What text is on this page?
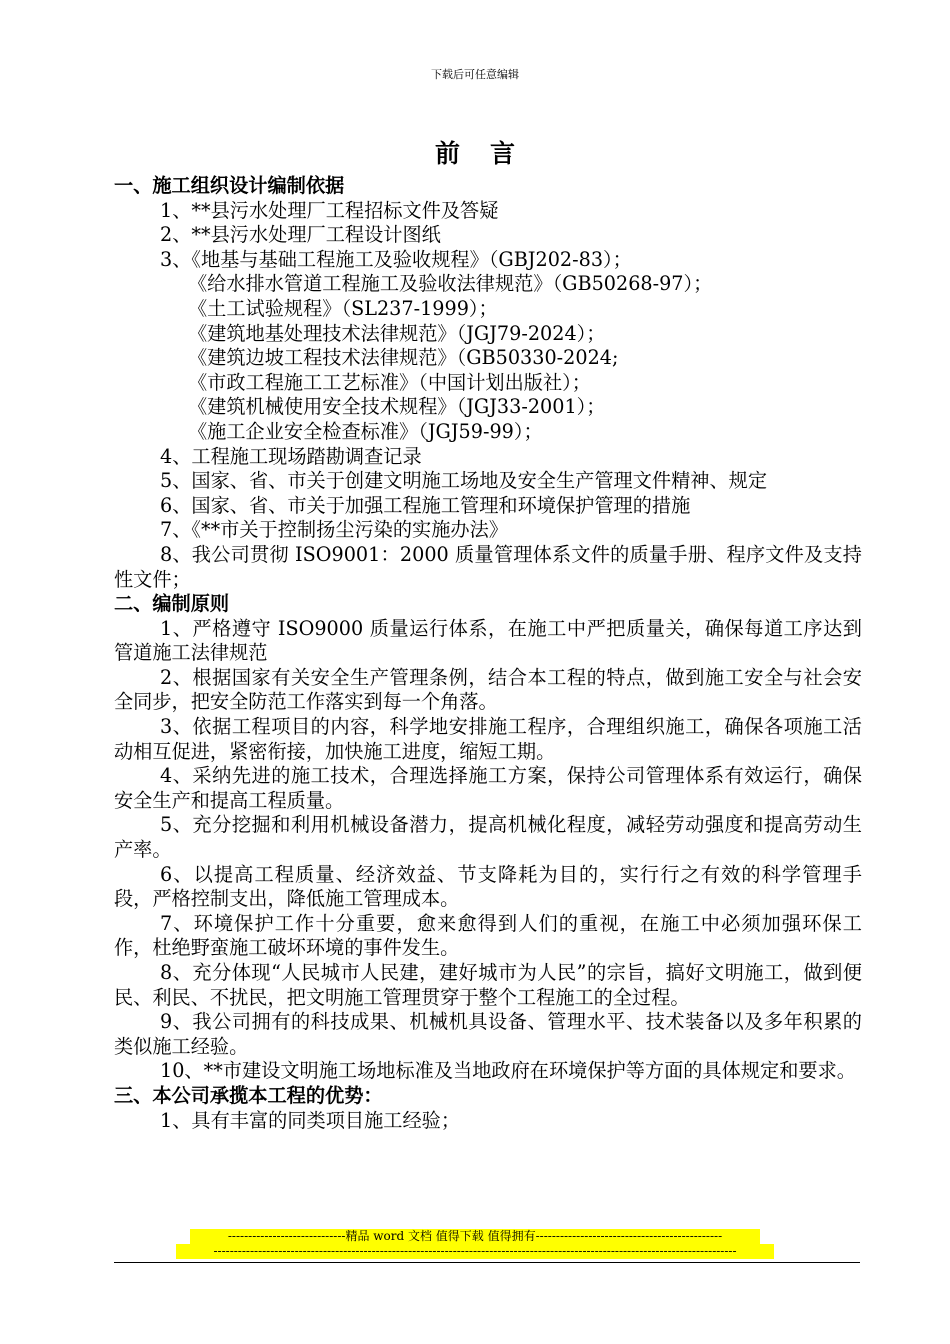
下载后可任意编辑
前言

一、施工组织设计编制依据

1、**县污水处理厂工程招标文件及答疑

2、**县污水处理厂工程设计图纸

3、《地基与基础工程施工及验收规程》（GBJ202-83）；

《给水排水管道工程施工及验收法律规范》（GB50268-97）；

《土工试验规程》（SL237-1999）；

《建筑地基处理技术法律规范》（JGJ79-2024）；

《建筑边坡工程技术法律规范》（GB50330-2024;

《市政工程施工工艺标准》（中国计划出版社）；

《建筑机械使用安全技术规程》（JGJ33-2001）；

《施工企业安全检查标准》（JGJ59-99）；

4、工程施工现场踏勘调查记录

5、国家、省、市关于创建文明施工场地及安全生产管理文件精神、规定

6、国家、省、市关于加强工程施工管理和环境保护管理的措施

7、《**市关于控制扬尘污染的实施办法》

8、我公司贯彻 ISO9001：2000 质量管理体系文件的质量手册、程序文件及支持性文件；

二、编制原则

1、严格遵守 ISO9000 质量运行体系，在施工中严把质量关，确保每道工序达到管道施工法律规范

2、根据国家有关安全生产管理条例，结合本工程的特点，做到施工安全与社会安全同步，把安全防范工作落实到每一个角落。

3、依据工程项目的内容，科学地安排施工程序，合理组织施工，确保各项施工活动相互促进，紧密衔接，加快施工进度，缩短工期。

4、采纳先进的施工技术，合理选择施工方案，保持公司管理体系有效运行，确保安全生产和提高工程质量。

5、充分挖掘和利用机械设备潜力，提高机械化程度，减轻劳动强度和提高劳动生产率。

6、以提高工程质量、经济效益、节支降耗为目的，实行行之有效的科学管理手段，严格控制支出，降低施工管理成本。

7、环境保护工作十分重要，愈来愈得到人们的重视，在施工中必须加强环保工作，杜绝野蛮施工破坏环境的事件发生。

8、充分体现“人民城市人民建，建好城市为人民”的宗旨，搞好文明施工，做到便民、利民、不扰民，把文明施工管理贯穿于整个工程施工的全过程。

9、我公司拥有的科技成果、机械机具设备、管理水平、技术装备以及多年积累的类似施工经验。

10、**市建设文明施工场地标准及当地政府在环境保护等方面的具体规定和要求。

三、本公司承揽本工程的优势：

1、具有丰富的同类项目施工经验；

-----------------------------精品 word 文档 值得下载 值得拥有----------------------------------------------
---------------------------------------------------------------------------------------------------------------------------------
